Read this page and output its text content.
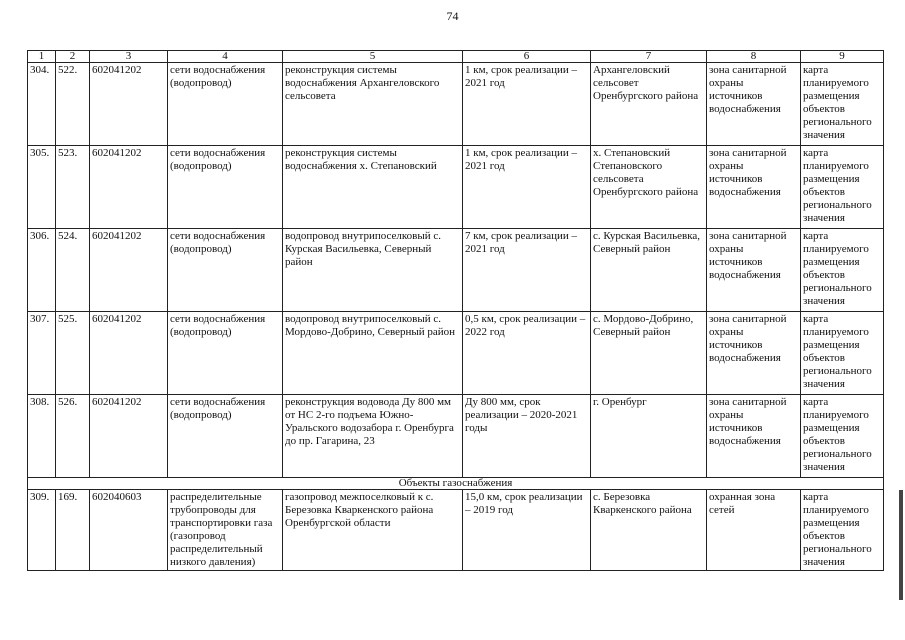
74
1	2	3	4	5	6	7	8	9
304.	522.	602041202	сети водоснабжения (водопровод)	реконструкция системы водоснабжения Архангеловского сельсовета	1 км, срок реализации – 2021 год	Архангеловский сельсовет Оренбургского района	зона санитарной охраны источников водоснабжения	карта планируемого размещения объектов регионального значения
305.	523.	602041202	сети водоснабжения (водопровод)	реконструкция системы водоснабжения х. Степановский	1 км, срок реализации – 2021 год	х. Степановский Степановского сельсовета Оренбургского района	зона санитарной охраны источников водоснабжения	карта планируемого размещения объектов регионального значения
306.	524.	602041202	сети водоснабжения (водопровод)	водопровод внутрипоселковый с. Курская Васильевка, Северный район	7 км, срок реализации – 2021 год	с. Курская Васильевка, Северный район	зона санитарной охраны источников водоснабжения	карта планируемого размещения объектов регионального значения
307.	525.	602041202	сети водоснабжения (водопровод)	водопровод внутрипоселковый с. Мордово-Добрино, Северный район	0,5 км, срок реализации – 2022 год	с. Мордово-Добрино, Северный район	зона санитарной охраны источников водоснабжения	карта планируемого размещения объектов регионального значения
308.	526.	602041202	сети водоснабжения (водопровод)	реконструкция водовода Ду 800 мм от НС 2-го подъема Южно-Уральского водозабора г. Оренбурга до пр. Гагарина, 23	Ду 800 мм, срок реализации – 2020-2021 годы	г. Оренбург	зона санитарной охраны источников водоснабжения	карта планируемого размещения объектов регионального значения
Объекты газоснабжения								
309.	169.	602040603	распределительные трубопроводы для транспортировки газа (газопровод распределительный низкого давления)	газопровод межпоселковый к с. Березовка Кваркенского района Оренбургской области	15,0 км, срок реализации – 2019 год	с. Березовка Кваркенского района	охранная зона сетей	карта планируемого размещения объектов регионального значения
